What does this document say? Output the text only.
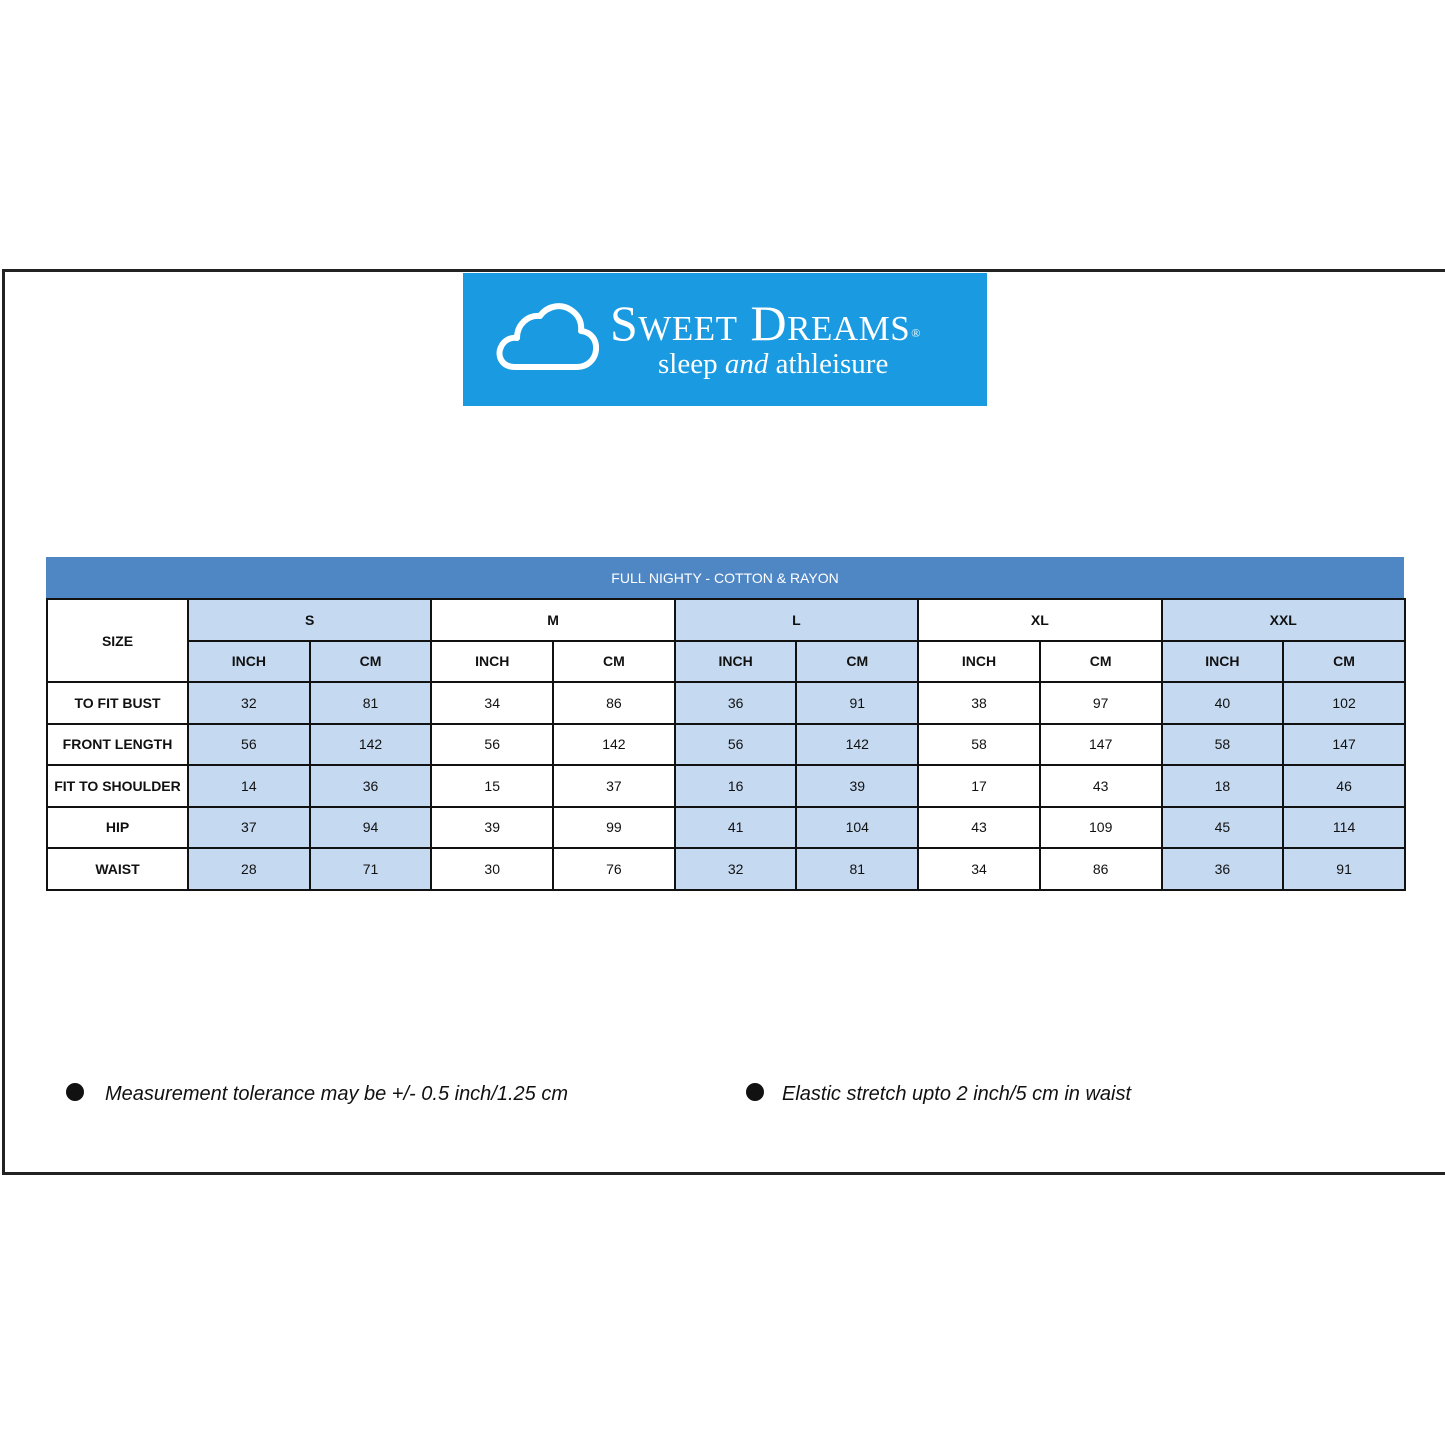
Sweet Dreams®
sleep and athleisure
FULL NIGHTY - COTTON & RAYON
SIZE	S		M		L		XL		XXL	
	INCH	CM	INCH	CM	INCH	CM	INCH	CM	INCH	CM
TO FIT BUST	32	81	34	86	36	91	38	97	40	102
FRONT LENGTH	56	142	56	142	56	142	58	147	58	147
FIT TO SHOULDER	14	36	15	37	16	39	17	43	18	46
HIP	37	94	39	99	41	104	43	109	45	114
WAIST	28	71	30	76	32	81	34	86	36	91
Measurement tolerance may be +/- 0.5 inch/1.25 cm	Elastic stretch upto 2 inch/5 cm in waist
